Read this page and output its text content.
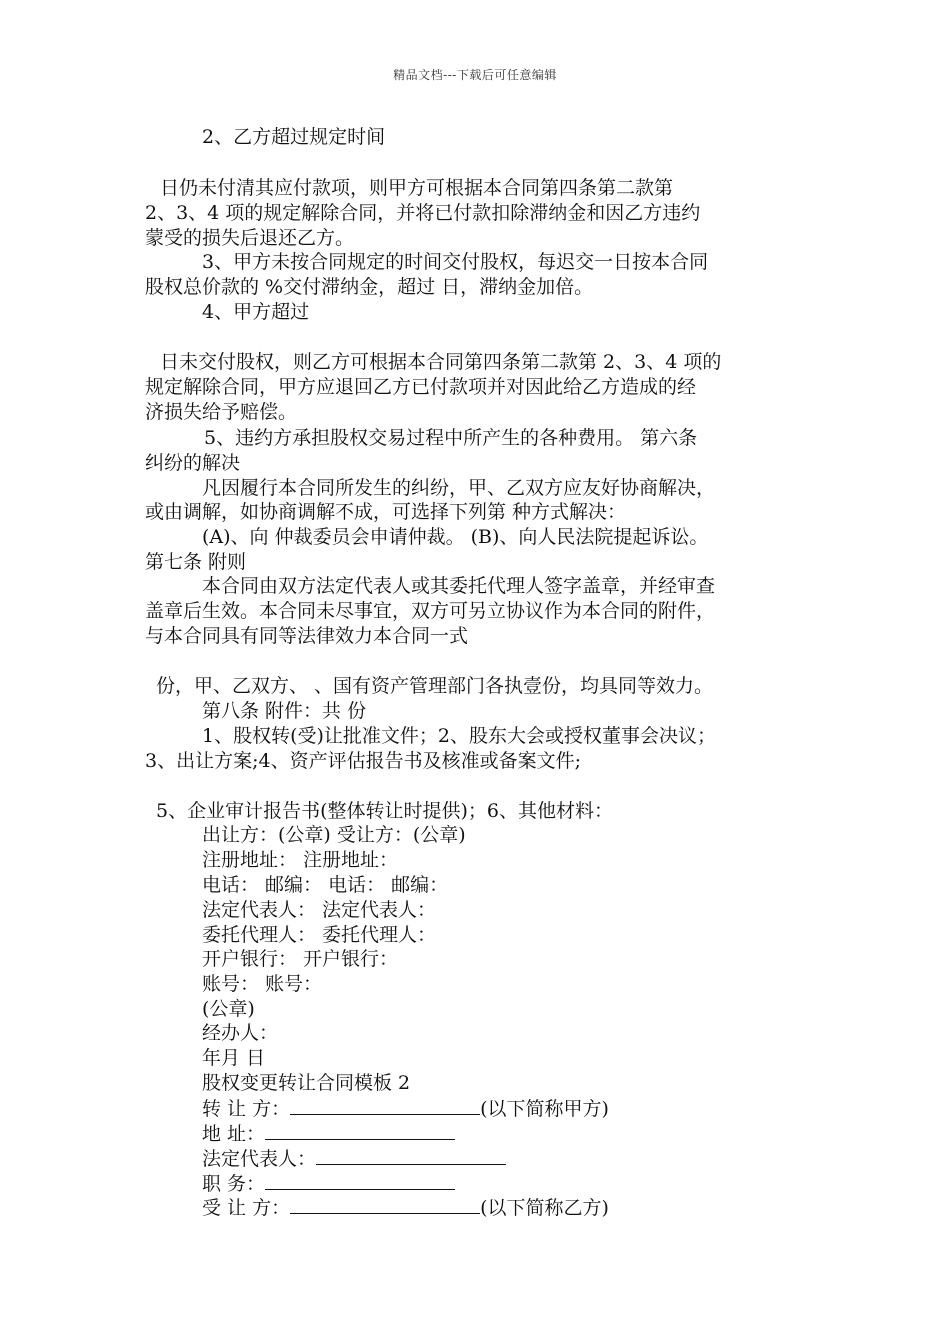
精品文档---下载后可任意编辑
2、乙方超过规定时间
日仍未付清其应付款项，则甲方可根据本合同第四条第二款第
2、3、4 项的规定解除合同，并将已付款扣除滞纳金和因乙方违约
蒙受的损失后退还乙方。
3、甲方未按合同规定的时间交付股权，每迟交一日按本合同
股权总价款的 %交付滞纳金，超过 日，滞纳金加倍。
4、甲方超过
日未交付股权，则乙方可根据本合同第四条第二款第 2、3、4 项的
规定解除合同，甲方应退回乙方已付款项并对因此给乙方造成的经
济损失给予赔偿。
5、违约方承担股权交易过程中所产生的各种费用。 第六条
纠纷的解决
凡因履行本合同所发生的纠纷，甲、乙双方应友好协商解决，
或由调解，如协商调解不成，可选择下列第 种方式解决：
(A)、向 仲裁委员会申请仲裁。 (B)、向人民法院提起诉讼。
第七条 附则
本合同由双方法定代表人或其委托代理人签字盖章，并经审查
盖章后生效。本合同未尽事宜，双方可另立协议作为本合同的附件，
与本合同具有同等法律效力本合同一式
份，甲、乙双方、 、国有资产管理部门各执壹份，均具同等效力。
第八条 附件：共 份
1、股权转(受)让批准文件；2、股东大会或授权董事会决议；
3、出让方案;4、资产评估报告书及核准或备案文件;
5、企业审计报告书(整体转让时提供)；6、其他材料：
出让方：(公章) 受让方：(公章)
注册地址： 注册地址：
电话： 邮编： 电话： 邮编：
法定代表人： 法定代表人：
委托代理人： 委托代理人：
开户银行： 开户银行：
账号： 账号：
(公章)
经办人：
年月 日
股权变更转让合同模板 2
转 让 方：	(以下简称甲方)
地 址：
法定代表人：
职 务：
受 让 方：	(以下简称乙方)
